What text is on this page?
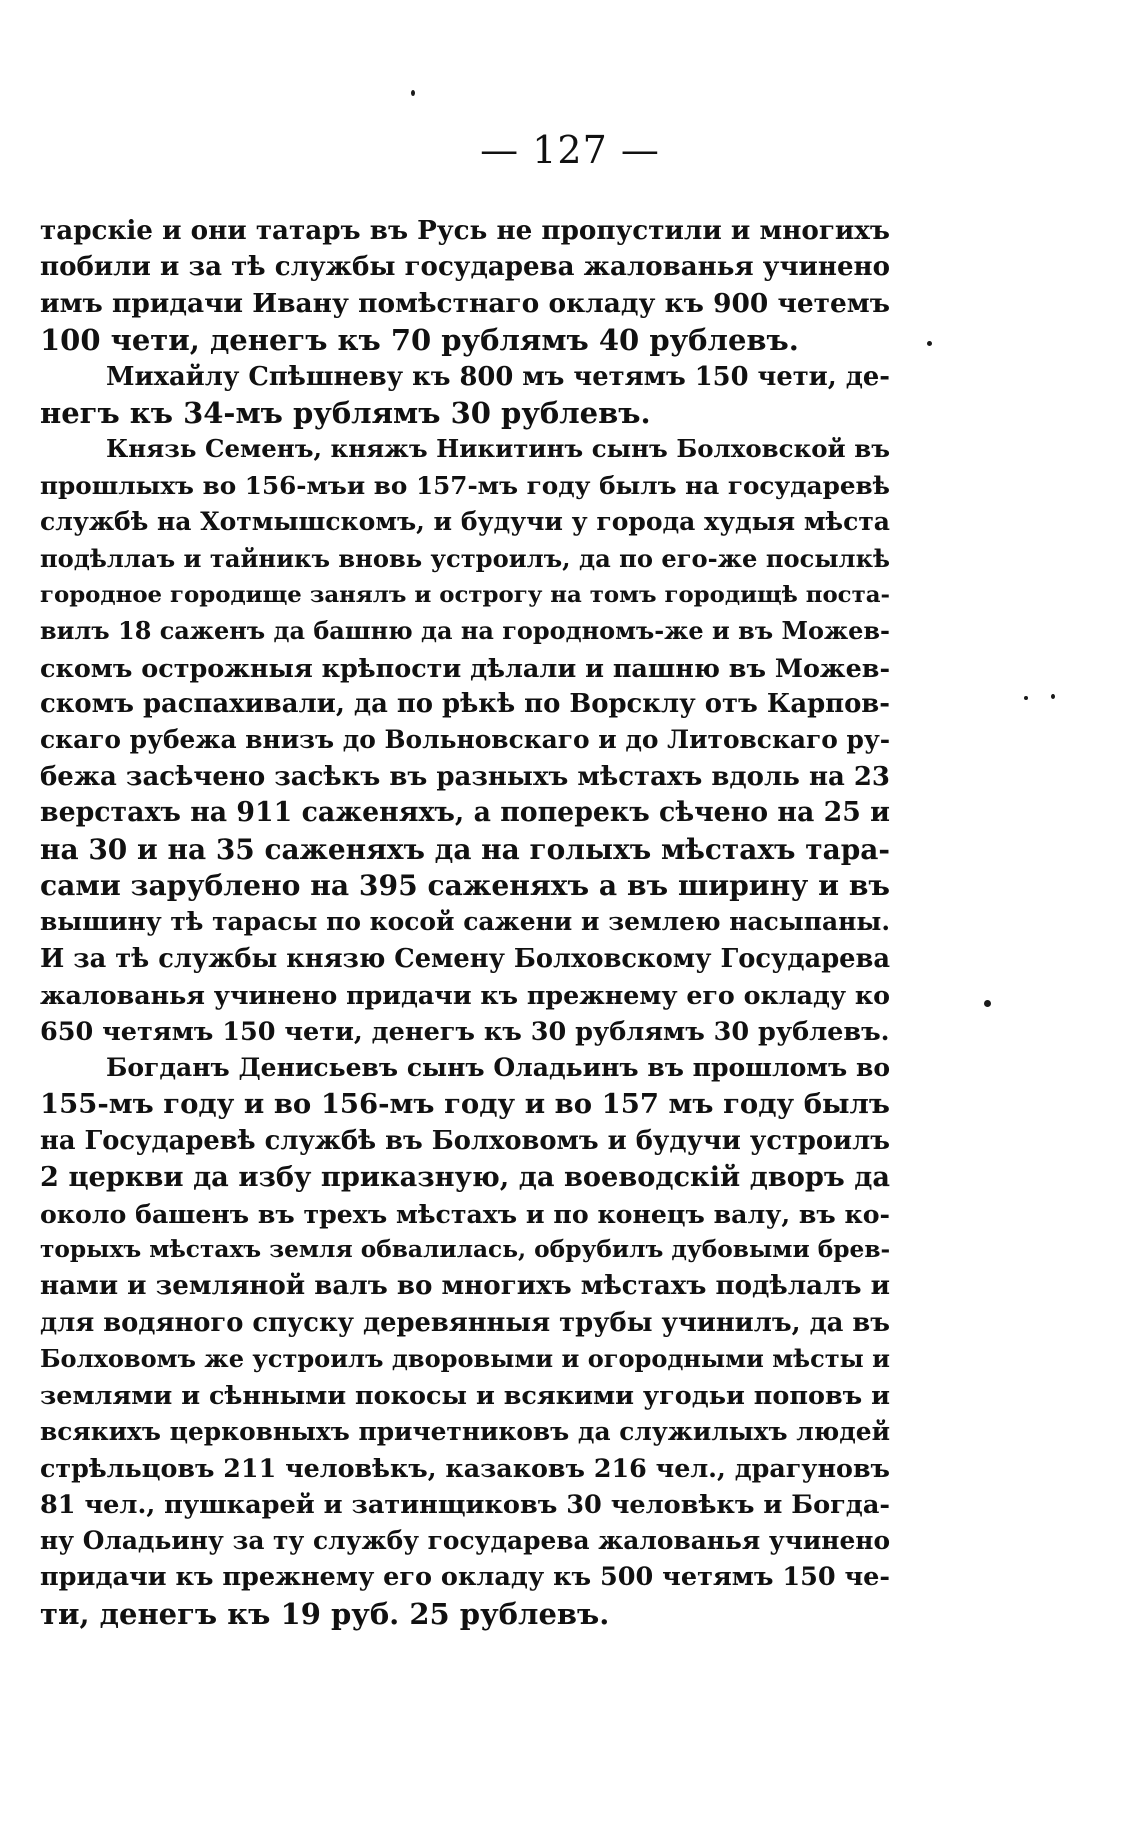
— 127 —
тарскіе и они татаръ въ Русь не пропустили и многихъ
побили и за тѣ службы государева жалованья учинено
имъ придачи Ивану помѣстнаго окладу къ 900 четемъ
100 чети, денегъ къ 70 рублямъ 40 рублевъ.
Михайлу Спѣшневу къ 800 мъ четямъ 150 чети, де-
негъ къ 34-мъ рублямъ 30 рублевъ.
Князь Семенъ, княжъ Никитинъ сынъ Болховской въ
прошлыхъ во 156-мъи во 157-мъ году былъ на государевѣ
службѣ на Хотмышскомъ, и будучи у города худыя мѣста
подѣллаъ и тайникъ вновь устроилъ, да по его-же посылкѣ
городное городище занялъ и острогу на томъ городищѣ поста-
вилъ 18 саженъ да башню да на городномъ-же и въ Можев-
скомъ острожныя крѣпости дѣлали и пашню въ Можев-
скомъ распахивали, да по рѣкѣ по Ворсклу отъ Карпов-
скаго рубежа внизъ до Вольновскаго и до Литовскаго ру-
бежа засѣчено засѣкъ въ разныхъ мѣстахъ вдоль на 23
верстахъ на 911 саженяхъ, а поперекъ сѣчено на 25 и
на 30 и на 35 саженяхъ да на голыхъ мѣстахъ тара-
сами зарублено на 395 саженяхъ а въ ширину и въ
вышину тѣ тарасы по косой сажени и землею насыпаны.
И за тѣ службы князю Семену Болховскому Государева
жалованья учинено придачи къ прежнему его окладу ко
650 четямъ 150 чети, денегъ къ 30 рублямъ 30 рублевъ.
Богданъ Денисьевъ сынъ Оладьинъ въ прошломъ во
155-мъ году и во 156-мъ году и во 157 мъ году былъ
на Государевѣ службѣ въ Болховомъ и будучи устроилъ
2 церкви да избу приказную, да воеводскій дворъ да
около башенъ въ трехъ мѣстахъ и по конецъ валу, въ ко-
торыхъ мѣстахъ земля обвалилась, обрубилъ дубовыми брев-
нами и земляной валъ во многихъ мѣстахъ подѣлалъ и
для водяного спуску деревянныя трубы учинилъ, да въ
Болховомъ же устроилъ дворовыми и огородными мѣсты и
землями и сѣнными покосы и всякими угодьи поповъ и
всякихъ церковныхъ причетниковъ да служилыхъ людей
стрѣльцовъ 211 человѣкъ, казаковъ 216 чел., драгуновъ
81 чел., пушкарей и затинщиковъ 30 человѣкъ и Богда-
ну Оладьину за ту службу государева жалованья учинено
придачи къ прежнему его окладу къ 500 четямъ 150 че-
ти, денегъ къ 19 руб. 25 рублевъ.
